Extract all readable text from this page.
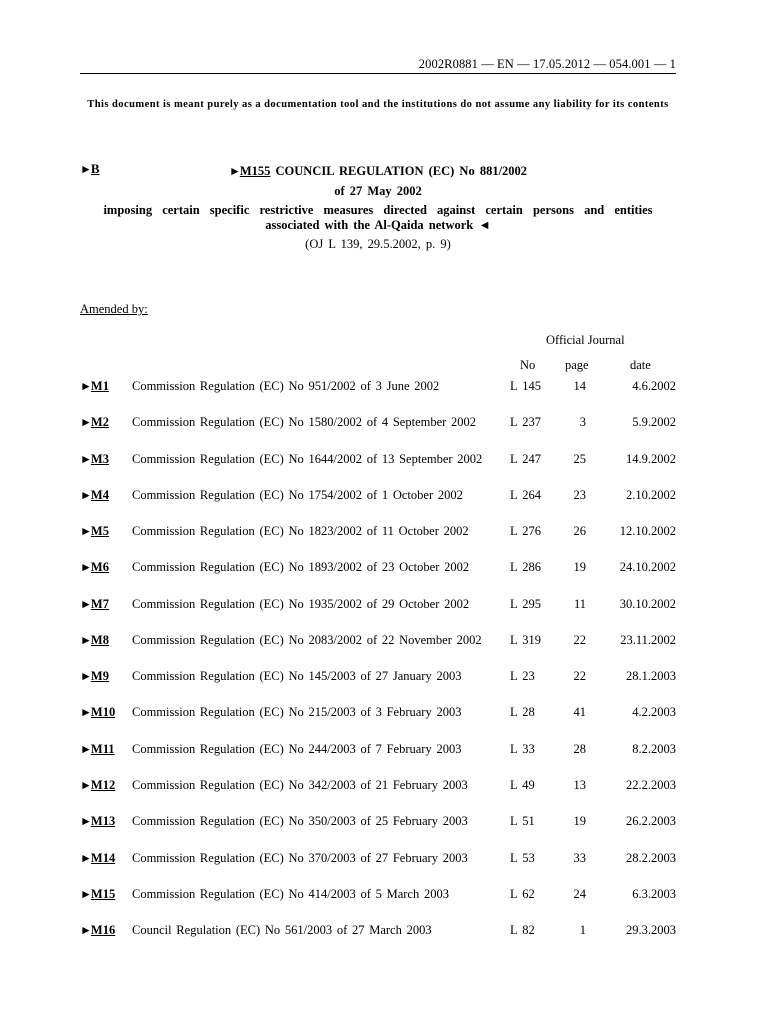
2002R0881 — EN — 17.05.2012 — 054.001 — 1
This document is meant purely as a documentation tool and the institutions do not assume any liability for its contents
►B	►M155 COUNCIL REGULATION (EC) No 881/2002
of 27 May 2002
imposing certain specific restrictive measures directed against certain persons and entities
associated with the Al-Qaida network ◄
(OJ L 139, 29.5.2002, p. 9)
Amended by:
Official Journal
No page	date
►M1 Commission Regulation (EC) No 951/2002 of 3 June 2002	L 145	14	4.6.2002
►M2 Commission Regulation (EC) No 1580/2002 of 4 September 2002	L 237	3	5.9.2002
►M3 Commission Regulation (EC) No 1644/2002 of 13 September 2002 L 247	25	14.9.2002
►M4 Commission Regulation (EC) No 1754/2002 of 1 October 2002	L 264	23	2.10.2002
►M5 Commission Regulation (EC) No 1823/2002 of 11 October 2002	L 276	26	12.10.2002
►M6 Commission Regulation (EC) No 1893/2002 of 23 October 2002	L 286	19	24.10.2002
►M7 Commission Regulation (EC) No 1935/2002 of 29 October 2002	L 295	11	30.10.2002
►M8 Commission Regulation (EC) No 2083/2002 of 22 November 2002 L 319	22	23.11.2002
►M9 Commission Regulation (EC) No 145/2003 of 27 January 2003	L 23	22	28.1.2003
►M10 Commission Regulation (EC) No 215/2003 of 3 February 2003	L 28	41	4.2.2003
►M11 Commission Regulation (EC) No 244/2003 of 7 February 2003	L 33	28	8.2.2003
►M12 Commission Regulation (EC) No 342/2003 of 21 February 2003	L 49	13	22.2.2003
►M13 Commission Regulation (EC) No 350/2003 of 25 February 2003	L 51	19	26.2.2003
►M14 Commission Regulation (EC) No 370/2003 of 27 February 2003	L 53	33	28.2.2003
►M15 Commission Regulation (EC) No 414/2003 of 5 March 2003	L 62	24	6.3.2003
►M16 Council Regulation (EC) No 561/2003 of 27 March 2003	L 82	1	29.3.2003
